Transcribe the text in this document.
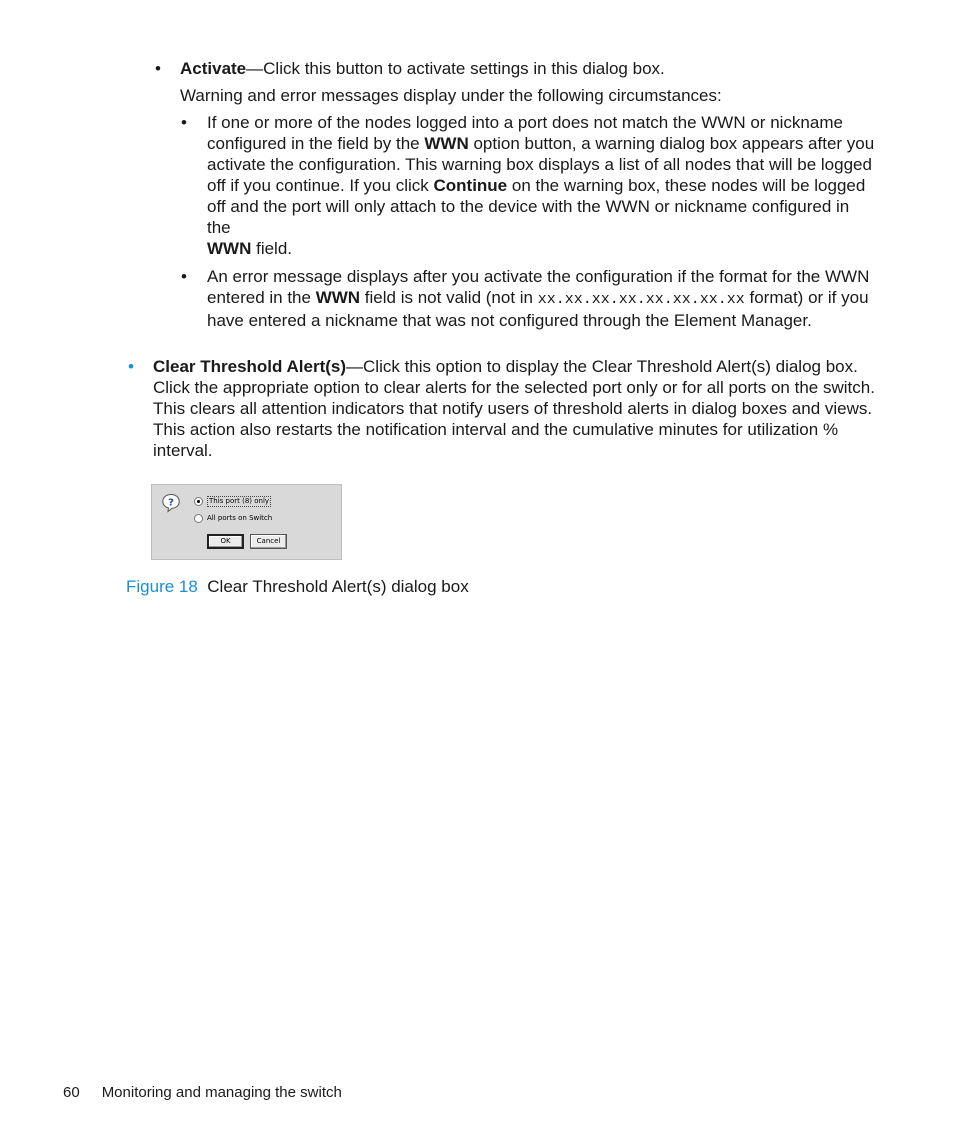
• Activate—Click this button to activate settings in this dialog box.
Warning and error messages display under the following circumstances:
• If one or more of the nodes logged into a port does not match the WWN or nickname configured in the field by the WWN option button, a warning dialog box appears after you activate the configuration. This warning box displays a list of all nodes that will be logged off if you continue. If you click Continue on the warning box, these nodes will be logged off and the port will only attach to the device with the WWN or nickname configured in the
WWN field.
• An error message displays after you activate the configuration if the format for the WWN entered in the WWN field is not valid (not in xx.xx.xx.xx.xx.xx.xx.xx format) or if you have entered a nickname that was not configured through the Element Manager.
• Clear Threshold Alert(s)—Click this option to display the Clear Threshold Alert(s) dialog box. Click the appropriate option to clear alerts for the selected port only or for all ports on the switch. This clears all attention indicators that notify users of threshold alerts in dialog boxes and views. This action also restarts the notification interval and the cumulative minutes for utilization % interval.
?	This port (8) only
All ports on Switch
OK	Cancel
Figure 18 Clear Threshold Alert(s) dialog box
60 Monitoring and managing the switch
